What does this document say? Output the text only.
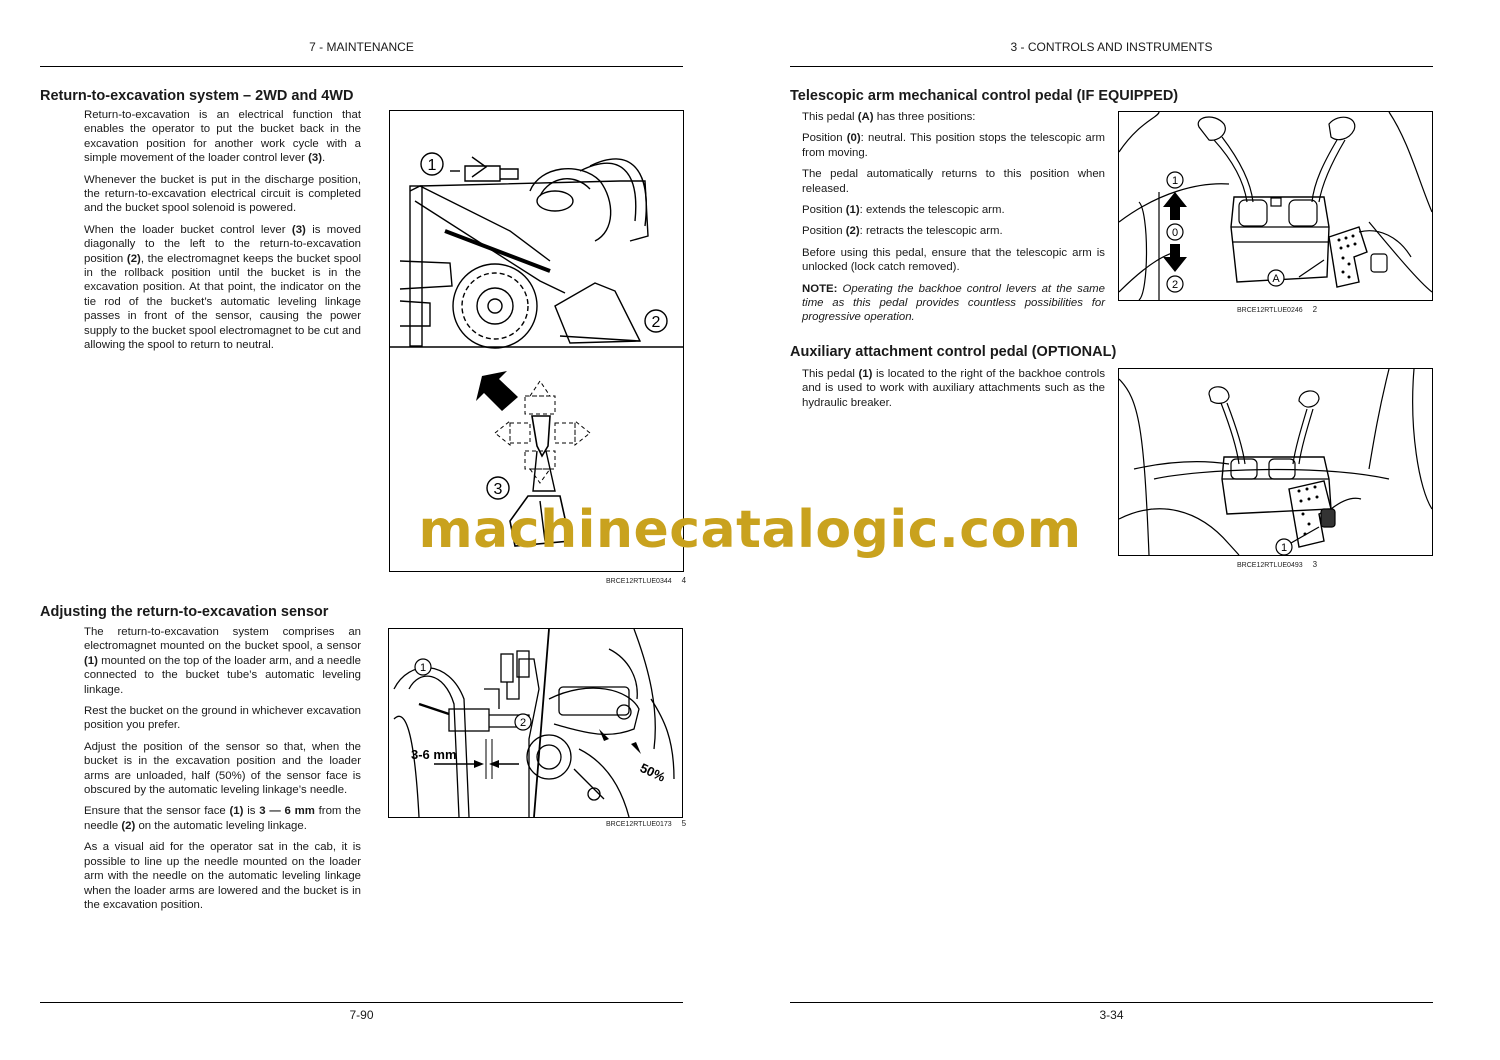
7 - MAINTENANCE
Return-to-excavation system – 2WD and 4WD

Return-to-excavation is an electrical function that enables the operator to put the bucket back in the excavation position for another work cycle with a simple movement of the loader control lever (3).

Whenever the bucket is put in the discharge position, the return-to-excavation electrical circuit is completed and the bucket spool solenoid is powered.

When the loader bucket control lever (3) is moved diagonally to the left to the return-to-excavation position (2), the electromagnet keeps the bucket spool in the rollback position until the bucket is in the excavation position. At that point, the indicator on the tie rod of the bucket’s automatic leveling linkage passes in front of the sensor, causing the power supply to the bucket spool electromagnet to be cut and allowing the spool to return to neutral.

1
2
3
BRCE12RTLUE0344 4
Adjusting the return-to-excavation sensor

The return-to-excavation system comprises an electromagnet mounted on the bucket spool, a sensor (1) mounted on the top of the loader arm, and a needle connected to the bucket tube’s automatic leveling linkage.

Rest the bucket on the ground in whichever excavation position you prefer.

Adjust the position of the sensor so that, when the bucket is in the excavation position and the loader arms are unloaded, half (50%) of the sensor face is obscured by the automatic leveling linkage’s needle.

Ensure that the sensor face (1) is 3 — 6 mm from the needle (2) on the automatic leveling linkage.

As a visual aid for the operator sat in the cab, it is possible to line up the needle mounted on the loader arm with the needle on the automatic leveling linkage when the loader arms are lowered and the bucket is in the excavation position.

3-6 mm
50%
1
2
BRCE12RTLUE0173 5
7-90
3 - CONTROLS AND INSTRUMENTS
Telescopic arm mechanical control pedal (IF EQUIPPED)

This pedal (A) has three positions:

Position (0): neutral. This position stops the telescopic arm from moving.

The pedal automatically returns to this position when released.

Position (1): extends the telescopic arm.

Position (2): retracts the telescopic arm.

Before using this pedal, ensure that the telescopic arm is unlocked (lock catch removed).

NOTE: Operating the backhoe control levers at the same time as this pedal provides countless possibilities for progressive operation.

1
0
2	A
BRCE12RTLUE0246 2
Auxiliary attachment control pedal (OPTIONAL)

This pedal (1) is located to the right of the backhoe controls and is used to work with auxiliary attachments such as the hydraulic breaker.

1
BRCE12RTLUE0493 3
3-34
machinecatalogic.com
